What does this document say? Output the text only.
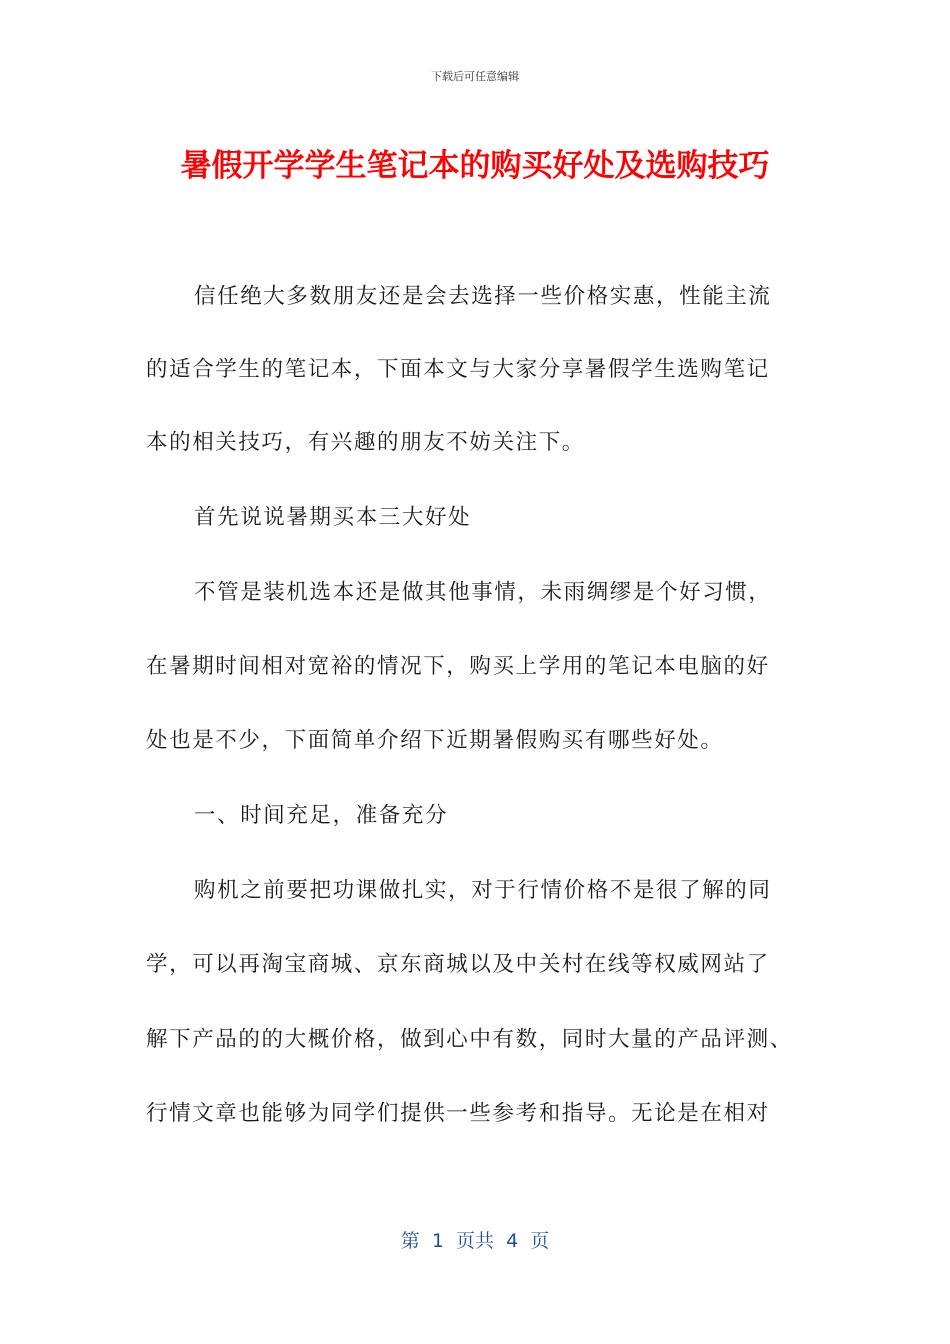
下载后可任意编辑
暑假开学学生笔记本的购买好处及选购技巧
信任绝大多数朋友还是会去选择一些价格实惠，性能主流
的适合学生的笔记本，下面本文与大家分享暑假学生选购笔记
本的相关技巧，有兴趣的朋友不妨关注下。
首先说说暑期买本三大好处
不管是装机选本还是做其他事情，未雨绸缪是个好习惯，
在暑期时间相对宽裕的情况下，购买上学用的笔记本电脑的好
处也是不少，下面简单介绍下近期暑假购买有哪些好处。
一、时间充足，准备充分
购机之前要把功课做扎实，对于行情价格不是很了解的同
学，可以再淘宝商城、京东商城以及中关村在线等权威网站了
解下产品的的大概价格，做到心中有数，同时大量的产品评测、
行情文章也能够为同学们提供一些参考和指导。无论是在相对
第  1  页共  4  页
